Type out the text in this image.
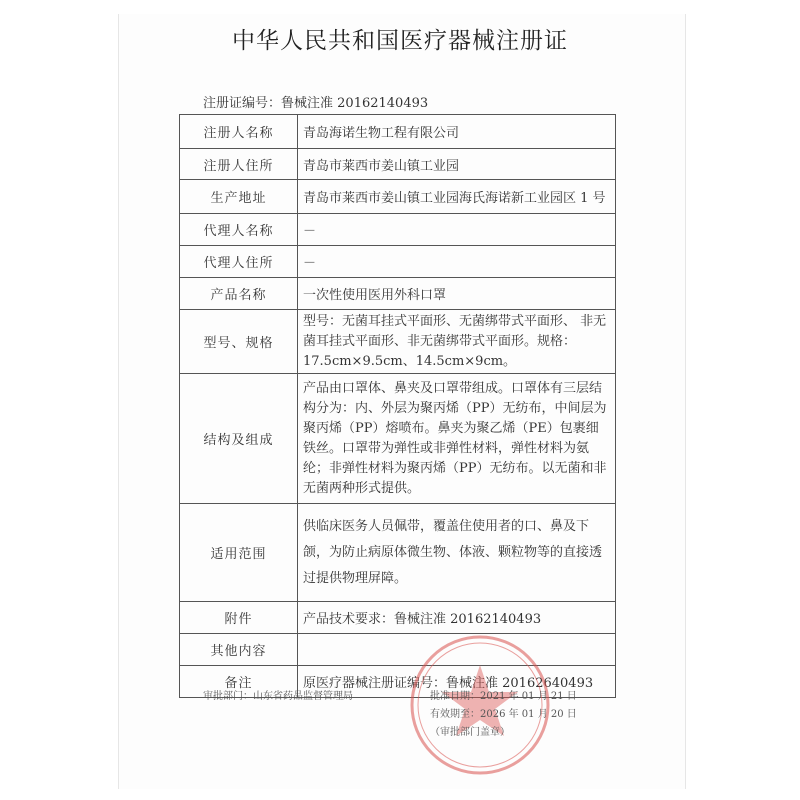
中华人民共和国医疗器械注册证
注册证编号：鲁械注准 20162140493
注册人名称	青岛海诺生物工程有限公司
注册人住所	青岛市莱西市姜山镇工业园
生产地址	青岛市莱西市姜山镇工业园海氏海诺新工业园区 1 号
代理人名称	－
代理人住所	－
产品名称	一次性使用医用外科口罩
型号、规格	型号：无菌耳挂式平面形、无菌绑带式平面形、 非无菌耳挂式平面形、非无菌绑带式平面形。规格：17.5cm×9.5cm、14.5cm×9cm。
结构及组成	产品由口罩体、鼻夹及口罩带组成。口罩体有三层结构分为：内、外层为聚丙烯（PP）无纺布，中间层为聚丙烯（PP）熔喷布。鼻夹为聚乙烯（PE）包裹细铁丝。口罩带为弹性或非弹性材料，弹性材料为氨纶；非弹性材料为聚丙烯（PP）无纺布。以无菌和非无菌两种形式提供。
适用范围	供临床医务人员佩带，覆盖住使用者的口、鼻及下颌，为防止病原体微生物、体液、颗粒物等的直接透过提供物理屏障。
附件	产品技术要求：鲁械注准 20162140493
其他内容	
备注	原医疗器械注册证编号：鲁械注准 20162640493
审批部门：山东省药品监督管理局	批准日期：2021 年 01 月 21 日
有效期至：2026 年 01 月 20 日
（审批部门盖章）
